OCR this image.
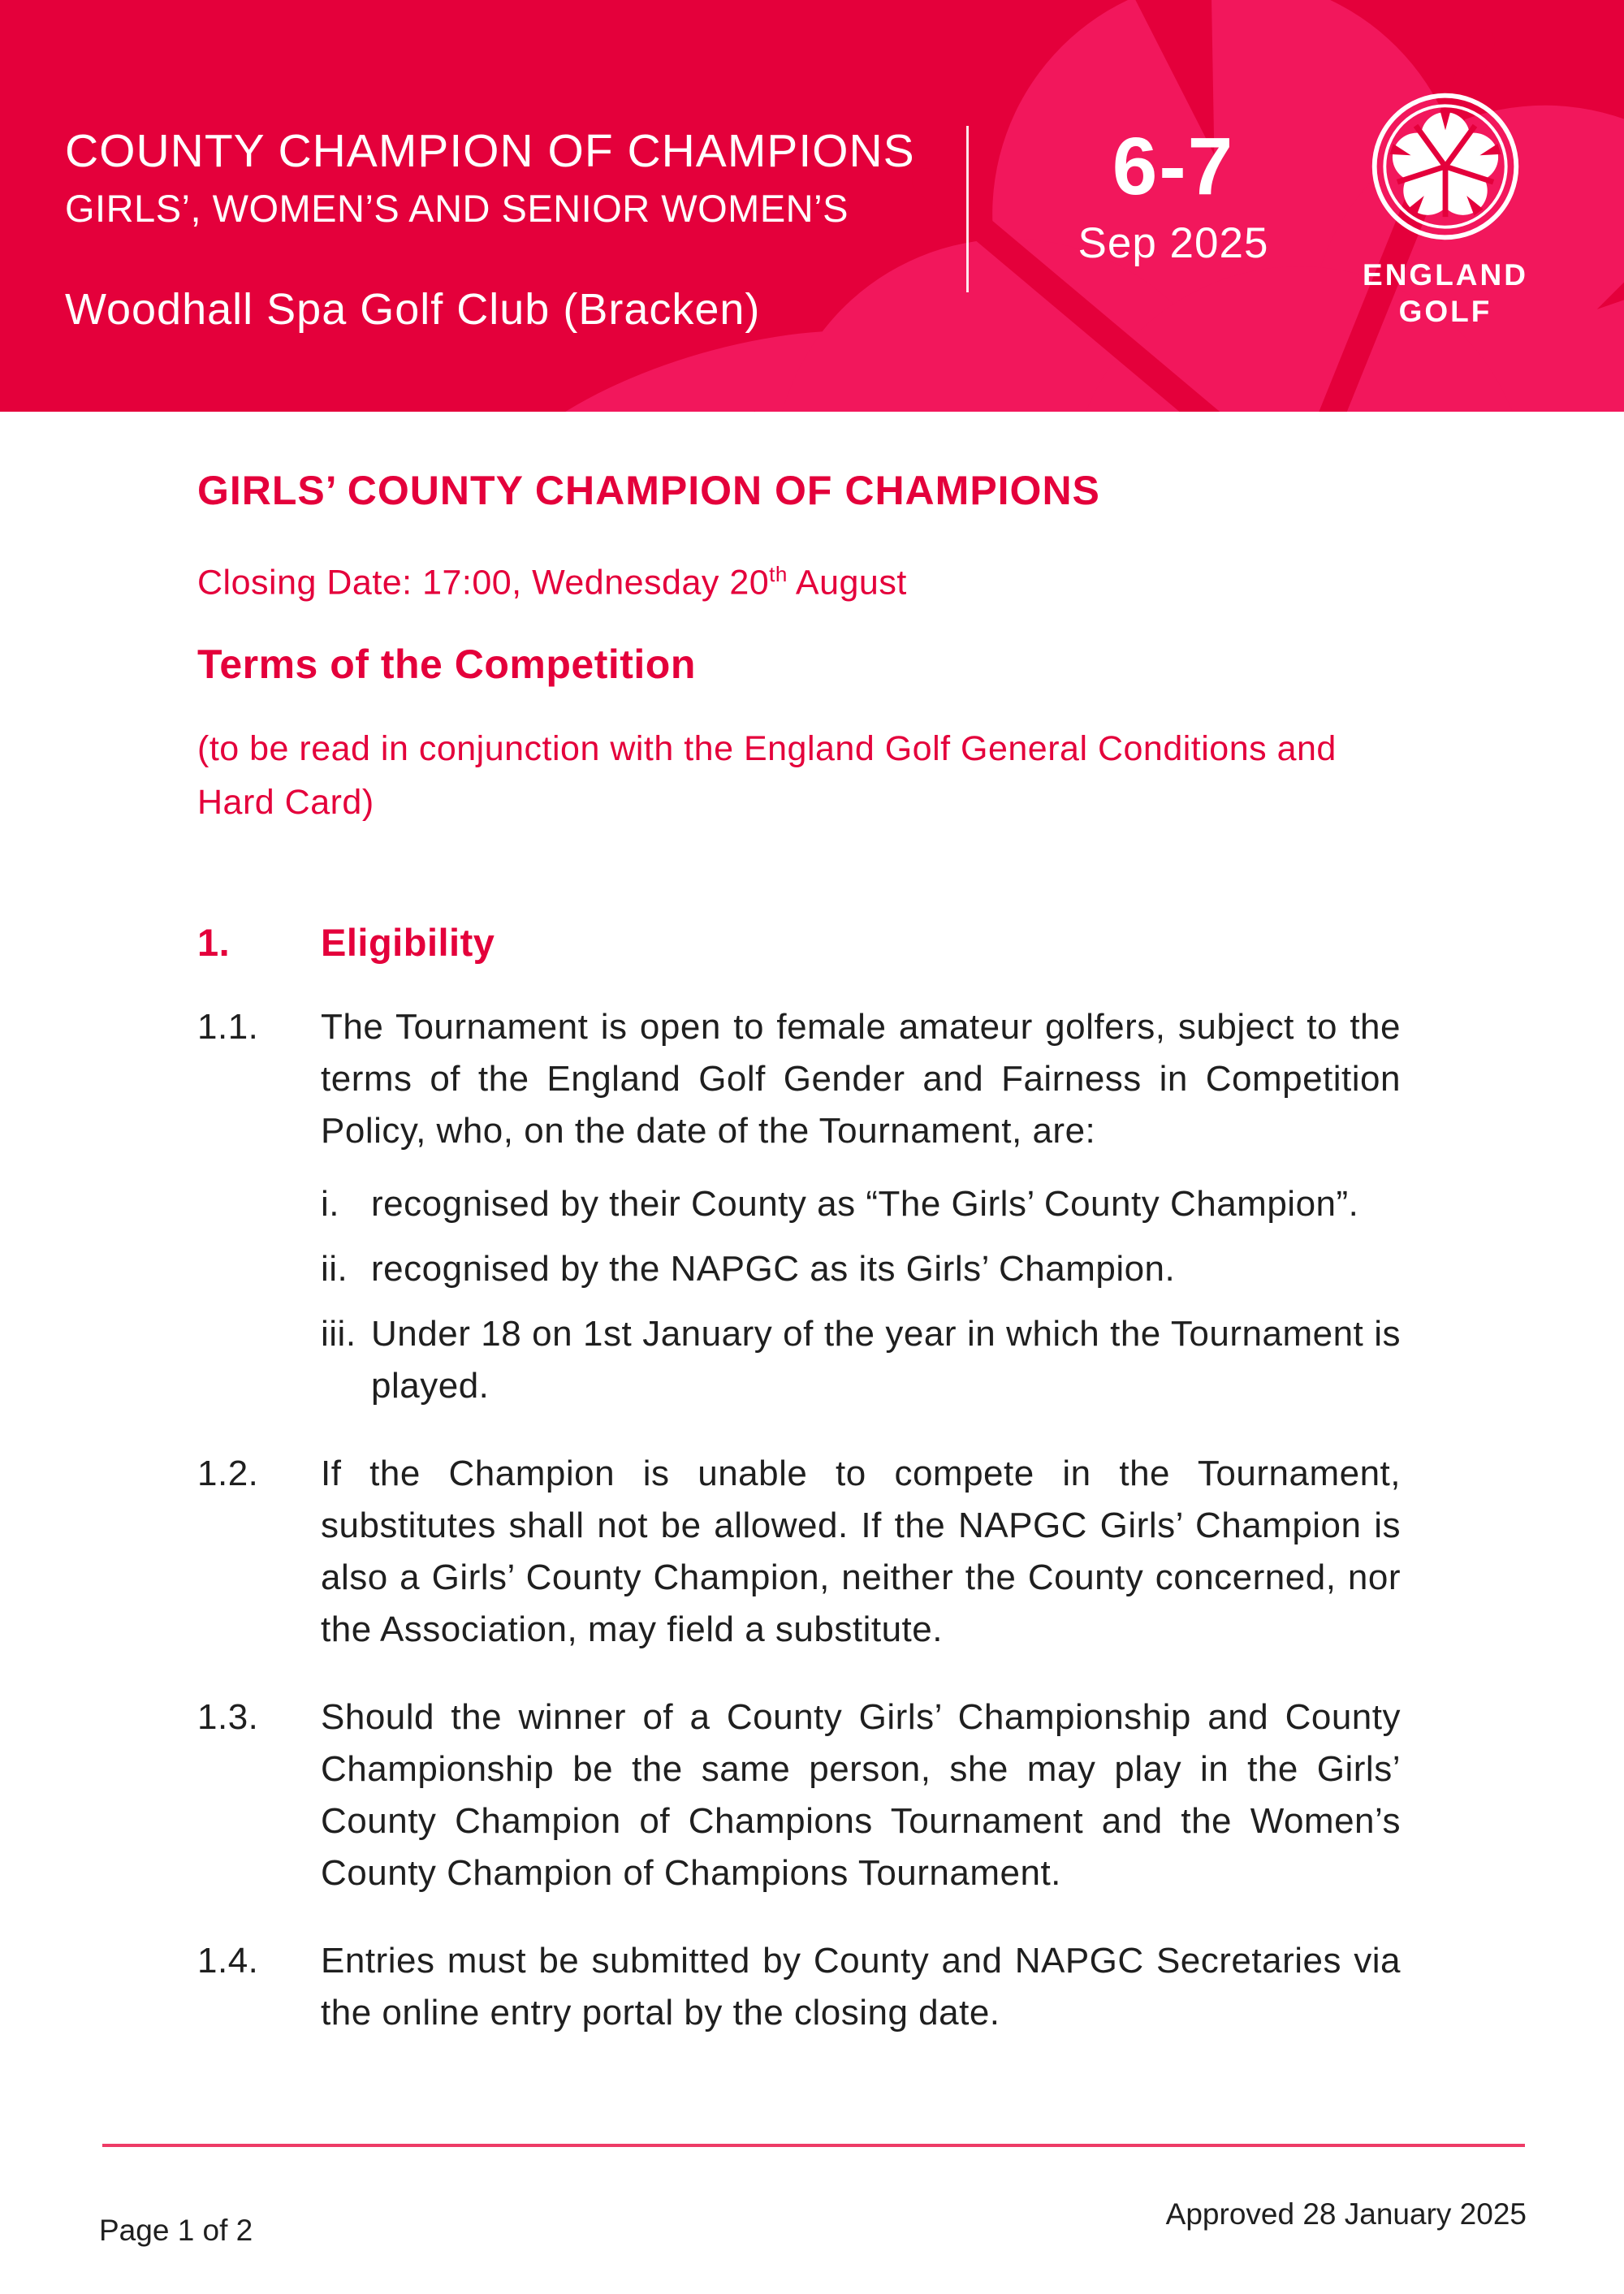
COUNTY CHAMPION OF CHAMPIONS
GIRLS’, WOMEN’S AND SENIOR WOMEN’S
Woodhall Spa Golf Club (Bracken)
6-7
Sep 2025
ENGLAND
GOLF
GIRLS’ COUNTY CHAMPION OF CHAMPIONS

Closing Date: 17:00, Wednesday 20th August

Terms of the Competition

(to be read in conjunction with the England Golf General Conditions and Hard Card)

1.	Eligibility
1.1. The Tournament is open to female amateur golfers, subject to the terms of the England Golf Gender and Fairness in Competition Policy, who, on the date of the Tournament, are:
i. recognised by their County as “The Girls’ County Champion”.
ii. recognised by the NAPGC as its Girls’ Champion.
iii. Under 18 on 1st January of the year in which the Tournament is played.
1.2. If the Champion is unable to compete in the Tournament, substitutes shall not be allowed. If the NAPGC Girls’ Champion is also a Girls’ County Champion, neither the County concerned, nor the Association, may field a substitute.
1.3. Should the winner of a County Girls’ Championship and County Championship be the same person, she may play in the Girls’ County Champion of Champions Tournament and the Women’s County Champion of Champions Tournament.
1.4. Entries must be submitted by County and NAPGC Secretaries via the online entry portal by the closing date.
Page 1 of 2	Approved 28 January 2025
